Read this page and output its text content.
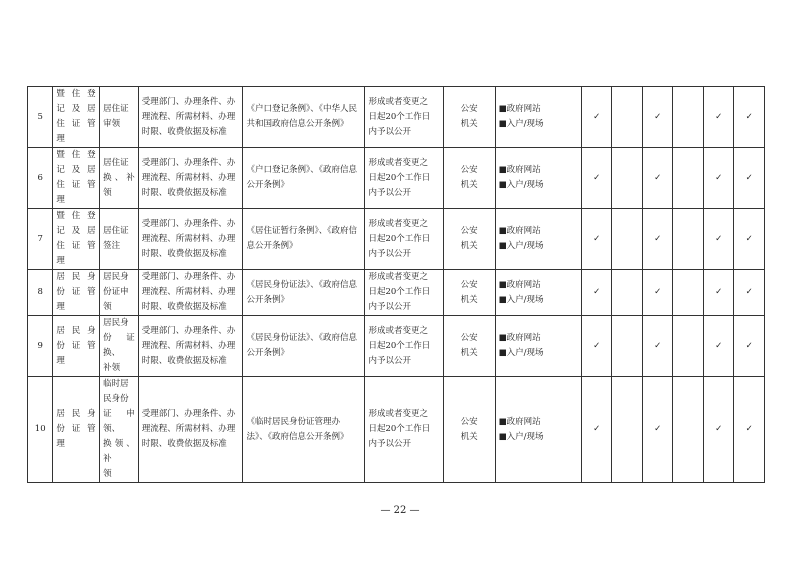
5	暨住登
记及居
住证管
理	居住证
审领	受理部门、办理条件、办
理流程、所需材料、办理
时限、收费依据及标准	《户口登记条例》、《中华人民
共和国政府信息公开条例》	形成或者变更之
日起20个工作日
内予以公开	公安
机关	■政府网站
■入户/现场	✓		✓		✓	✓
6	暨住登
记及居
住证管
理	居住证
换、补领	受理部门、办理条件、办
理流程、所需材料、办理
时限、收费依据及标准	《户口登记条例》、《政府信息
公开条例》	形成或者变更之
日起20个工作日
内予以公开	公安
机关	■政府网站
■入户/现场	✓		✓		✓	✓
7	暨住登
记及居
住证管
理	居住证
签注	受理部门、办理条件、办
理流程、所需材料、办理
时限、收费依据及标准	《居住证暂行条例》、《政府信
息公开条例》	形成或者变更之
日起20个工作日
内予以公开	公安
机关	■政府网站
■入户/现场	✓		✓		✓	✓
8	居民身
份证管
理	居民身
份证申
领	受理部门、办理条件、办
理流程、所需材料、办理
时限、收费依据及标准	《居民身份证法》、《政府信息
公开条例》	形成或者变更之
日起20个工作日
内予以公开	公安
机关	■政府网站
■入户/现场	✓		✓		✓	✓
9	居民身
份证管
理	居民身
份证换、
补领	受理部门、办理条件、办
理流程、所需材料、办理
时限、收费依据及标准	《居民身份证法》、《政府信息
公开条例》	形成或者变更之
日起20个工作日
内予以公开	公安
机关	■政府网站
■入户/现场	✓		✓		✓	✓
10	居民身
份证管
理	临时居
民身份
证申领、
换领、补
领	受理部门、办理条件、办
理流程、所需材料、办理
时限、收费依据及标准	《临时居民身份证管理办
法》、《政府信息公开条例》	形成或者变更之
日起20个工作日
内予以公开	公安
机关	■政府网站
■入户/现场	✓		✓		✓	✓
— 22 —
